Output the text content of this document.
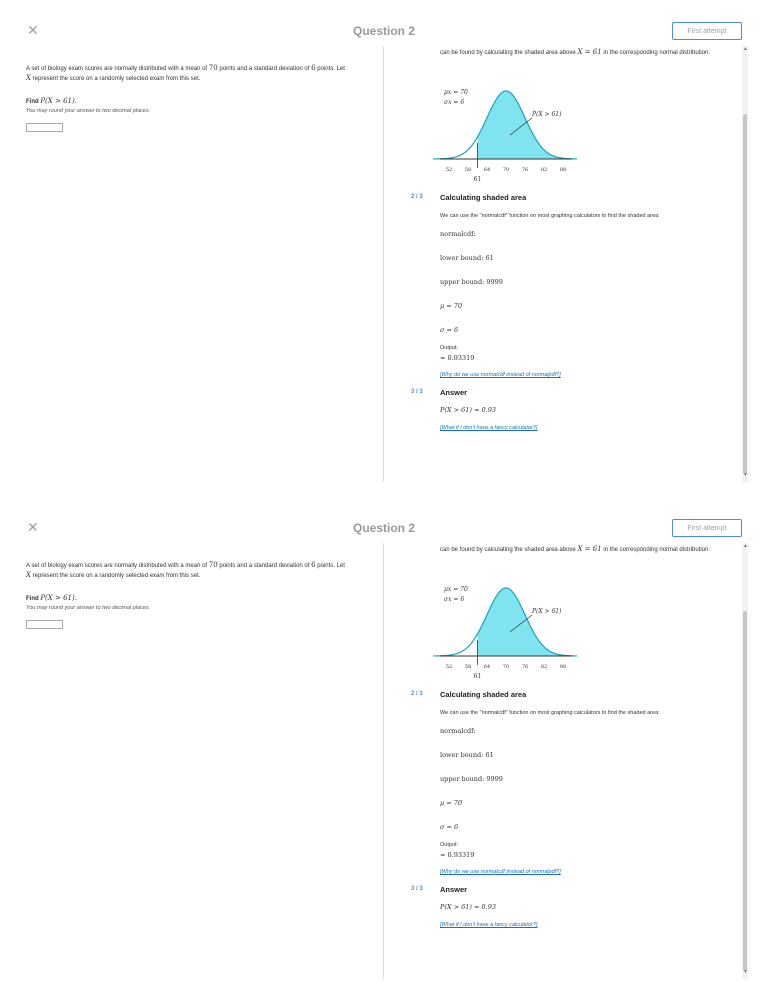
✕	Question 2	First attempt
A set of biology exam scores are normally distributed with a mean of 70 points and a standard deviation of 6 points. Let
X represent the score on a randomly selected exam from this set.
Find P(X > 61).
You may round your answer to two decimal places.
can be found by calculating the shaded area above X = 61 in the corresponding normal distribution:
μx = 70
σx = 6
P(X > 61)
52	58	64	70	76	82	88
61
2 / 3 Calculating shaded area
We can use the "normalcdf" function on most graphing calculators to find the shaded area:
normalcdf:
lower bound: 61
upper bound: 9999
μ = 70
σ = 6
Output:
≈ 0.93319
[Why do we use normalcdf instead of normalpdf?]
3 / 3 Answer
P(X > 61) ≈ 0.93
[What if I don't have a fancy calculator?]
▲
▼
✕	Question 2	First attempt
A set of biology exam scores are normally distributed with a mean of 70 points and a standard deviation of 6 points. Let
X represent the score on a randomly selected exam from this set.
Find P(X > 61).
You may round your answer to two decimal places.
can be found by calculating the shaded area above X = 61 in the corresponding normal distribution:
μx = 70
σx = 6
P(X > 61)
52	58	64	70	76	82	88
61
2 / 3 Calculating shaded area
We can use the "normalcdf" function on most graphing calculators to find the shaded area:
normalcdf:
lower bound: 61
upper bound: 9999
μ = 70
σ = 6
Output:
≈ 0.93319
[Why do we use normalcdf instead of normalpdf?]
3 / 3 Answer
P(X > 61) ≈ 0.93
[What if I don't have a fancy calculator?]
▲
▼
